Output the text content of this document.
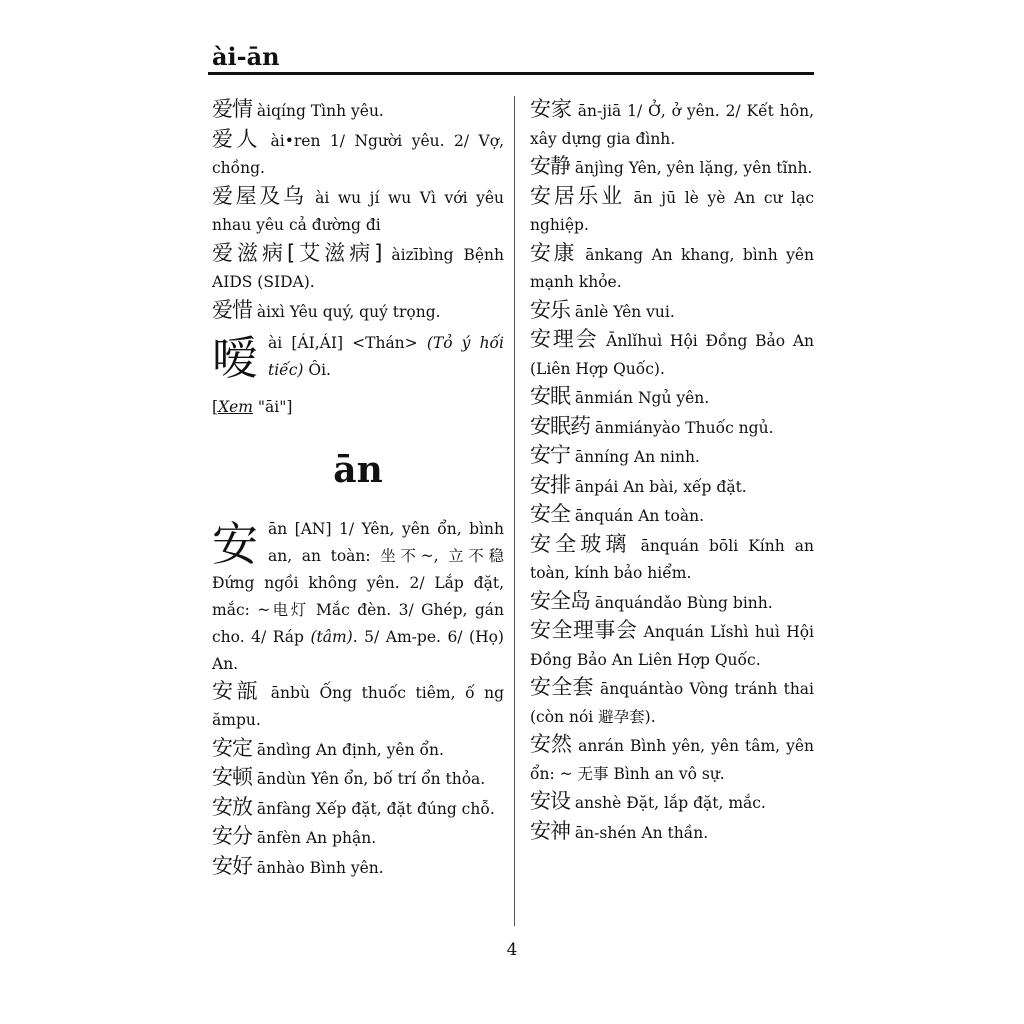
ài-ān

爱情 àiqíng Tình yêu.

爱人 ài•ren 1/ Người yêu. 2/ Vợ, chồng.

爱屋及乌 ài wu jí wu Vì với yêu nhau yêu cả đường đi

爱滋病[艾滋病] àizībìng Bệnh AIDS (SIDA).

爱惜 àixì Yêu quý, quý trọng.

嗳 ài [ÁI,ÁI] <Thán> (Tỏ ý hối tiếc) Ôi.

[Xem "āi"]

ān
安 ān [AN] 1/ Yên, yên ổn, bình an, an toàn: 坐不~, 立不稳 Đứng ngồi không yên. 2/ Lắp đặt, mắc: ~电灯 Mắc đèn. 3/ Ghép, gán cho. 4/ Ráp (tâm). 5/ Am-pe. 6/ (Họ) An.

安瓿 ānbù Ống thuốc tiêm, ố ng ămpu.

安定 āndìng An định, yên ổn.

安顿 āndùn Yên ổn, bố trí ổn thỏa.

安放 ānfàng Xếp đặt, đặt đúng chỗ.

安分 ānfèn An phận.

安好 ānhào Bình yên.

安家 ān-jiā 1/ Ở, ở yên. 2/ Kết hôn, xây dựng gia đình.

安静 ānjìng Yên, yên lặng, yên tĩnh.

安居乐业 ān jū lè yè An cư lạc nghiệp.

安康 ānkang An khang, bình yên mạnh khỏe.

安乐 ānlè Yên vui.

安理会 Ānlǐhuì Hội Đồng Bảo An (Liên Hợp Quốc).

安眠 ānmián Ngủ yên.

安眠药 ānmiányào Thuốc ngủ.

安宁 ānníng An ninh.

安排 ānpái An bài, xếp đặt.

安全 ānquán An toàn.

安全玻璃 ānquán bōli Kính an toàn, kính bảo hiểm.

安全岛 ānquándǎo Bùng binh.

安全理事会 Anquán Lǐshì huì Hội Đồng Bảo An Liên Hợp Quốc.

安全套 ānquántào Vòng tránh thai (còn nói 避孕套).

安然 anrán Bình yên, yên tâm, yên ổn: ~ 无事 Bình an vô sự.

安设 anshè Đặt, lắp đặt, mắc.

安神 ān-shén An thần.

4
